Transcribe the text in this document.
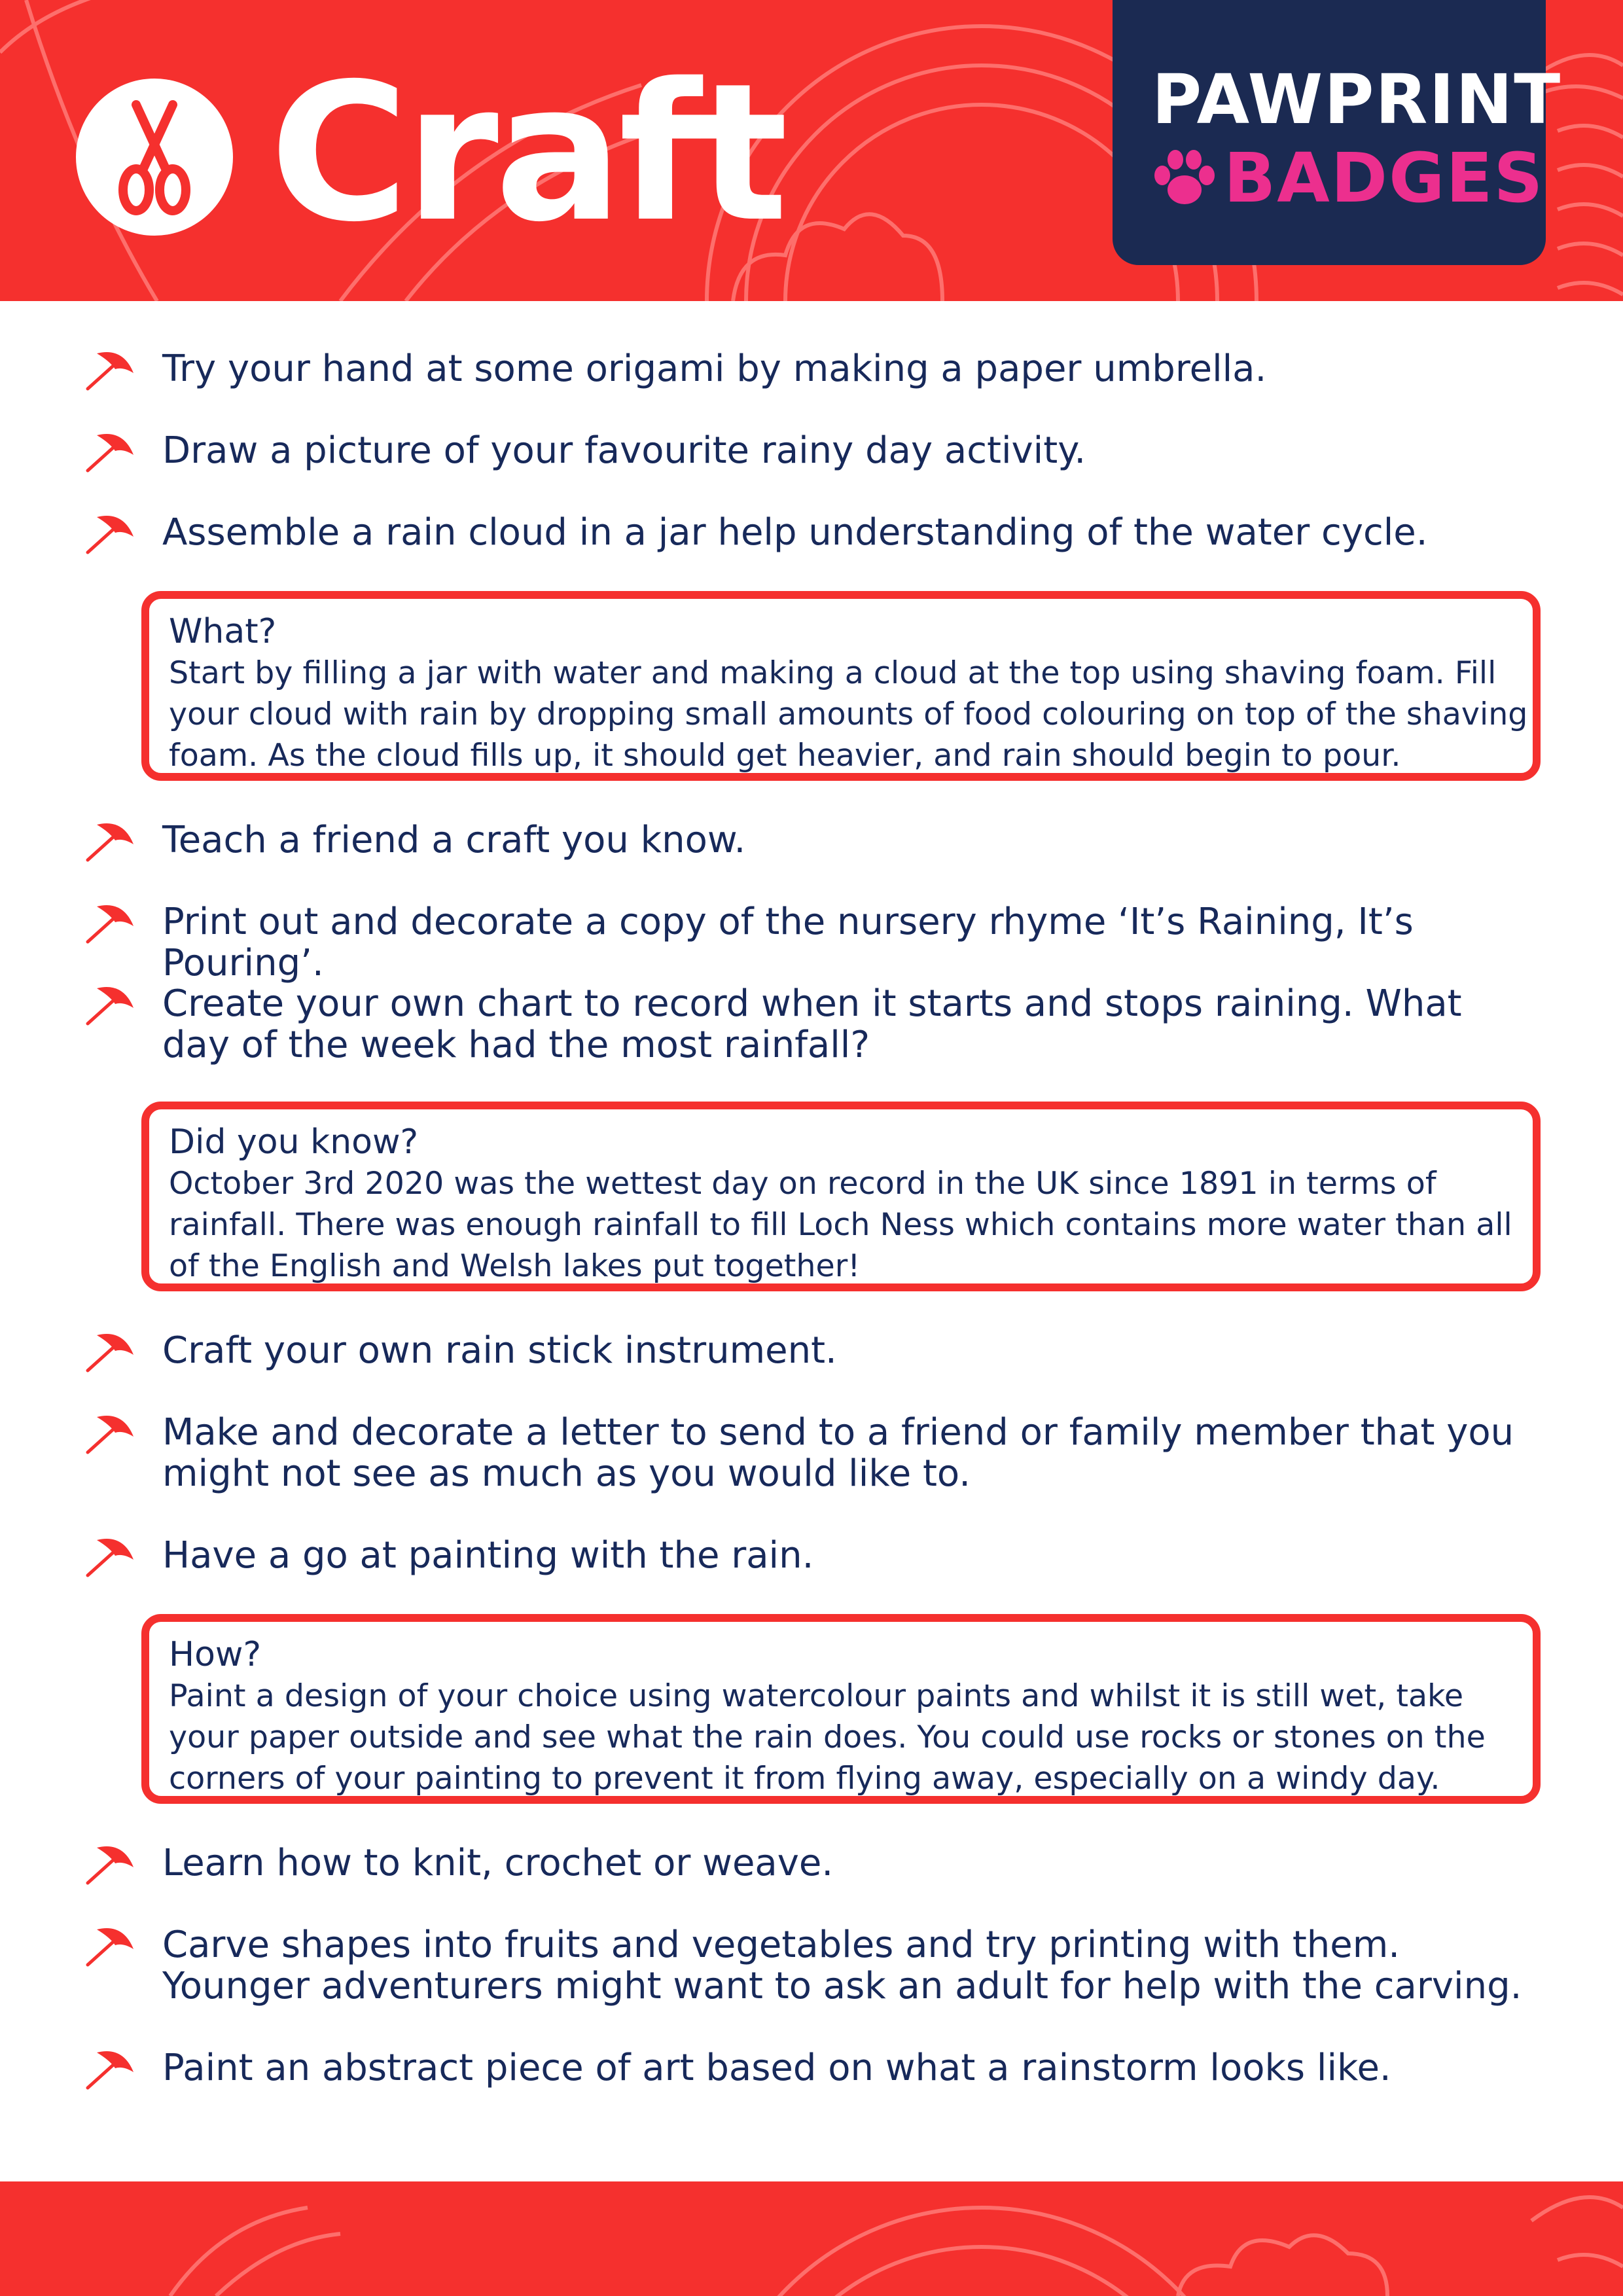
Craft	PAWPRINT
BADGES
Try your hand at some origami by making a paper umbrella.
Draw a picture of your favourite rainy day activity.
Assemble a rain cloud in a jar help understanding of the water cycle.
What?
Start by filling a jar with water and making a cloud at the top using shaving foam. Fill your cloud with rain by dropping small amounts of food colouring on top of the shaving foam. As the cloud fills up, it should get heavier, and rain should begin to pour.
Teach a friend a craft you know.
Print out and decorate a copy of the nursery rhyme ‘It’s Raining, It’s Pouring’.
Create your own chart to record when it starts and stops raining. What day of the week had the most rainfall?
Did you know?
October 3rd 2020 was the wettest day on record in the UK since 1891 in terms of rainfall. There was enough rainfall to fill Loch Ness which contains more water than all of the English and Welsh lakes put together!
Craft your own rain stick instrument.
Make and decorate a letter to send to a friend or family member that you might not see as much as you would like to.
Have a go at painting with the rain.
How?
Paint a design of your choice using watercolour paints and whilst it is still wet, take your paper outside and see what the rain does. You could use rocks or stones on the corners of your painting to prevent it from flying away, especially on a windy day.
Learn how to knit, crochet or weave.
Carve shapes into fruits and vegetables and try printing with them. Younger adventurers might want to ask an adult for help with the carving.
Paint an abstract piece of art based on what a rainstorm looks like.
